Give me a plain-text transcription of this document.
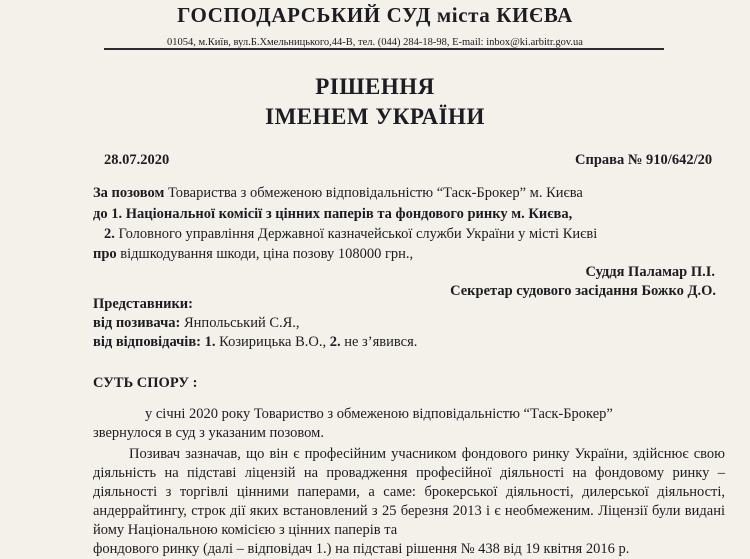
ГОСПОДАРСЬКИЙ СУД міста КИЄВА
01054, м.Київ, вул.Б.Хмельницького,44-В, тел. (044) 284-18-98, E-mail: inbox@ki.arbitr.gov.ua
РІШЕННЯ
ІМЕНЕМ УКРАЇНИ
28.07.2020	Справа № 910/642/20
За позовом Товариства з обмеженою відповідальністю “Таск-Брокер” м. Києва
до 1. Національної комісії з цінних паперів та фондового ринку м. Києва,
2. Головного управління Державної казначейської служби України у місті Києві
про відшкодування шкоди, ціна позову 108000 грн.,
Суддя Паламар П.І.
Секретар судового засідання Божко Д.О.
Представники:
від позивача: Янпольський С.Я.,
від відповідачів: 1. Козирицька В.О., 2. не з’явився.
СУТЬ СПОРУ :
у січні 2020 року Товариство з обмеженою відповідальністю “Таск-Брокер”
звернулося в суд з указаним позовом.
Позивач зазначав, що він є професійним учасником фондового ринку України, здійснює свою діяльність на підставі ліцензій на провадження професійної діяльності на фондовому ринку – діяльності з торгівлі цінними паперами, а саме: брокерської діяльності, дилерської діяльності, андеррайтингу, строк дії яких встановлений з 25 березня 2013 і є необмеженим. Ліцензії були видані йому Національною комісією з цінних паперів та
фондового ринку (далі – відповідач 1.) на підставі рішення № 438 від 19 квітня 2016 р.
